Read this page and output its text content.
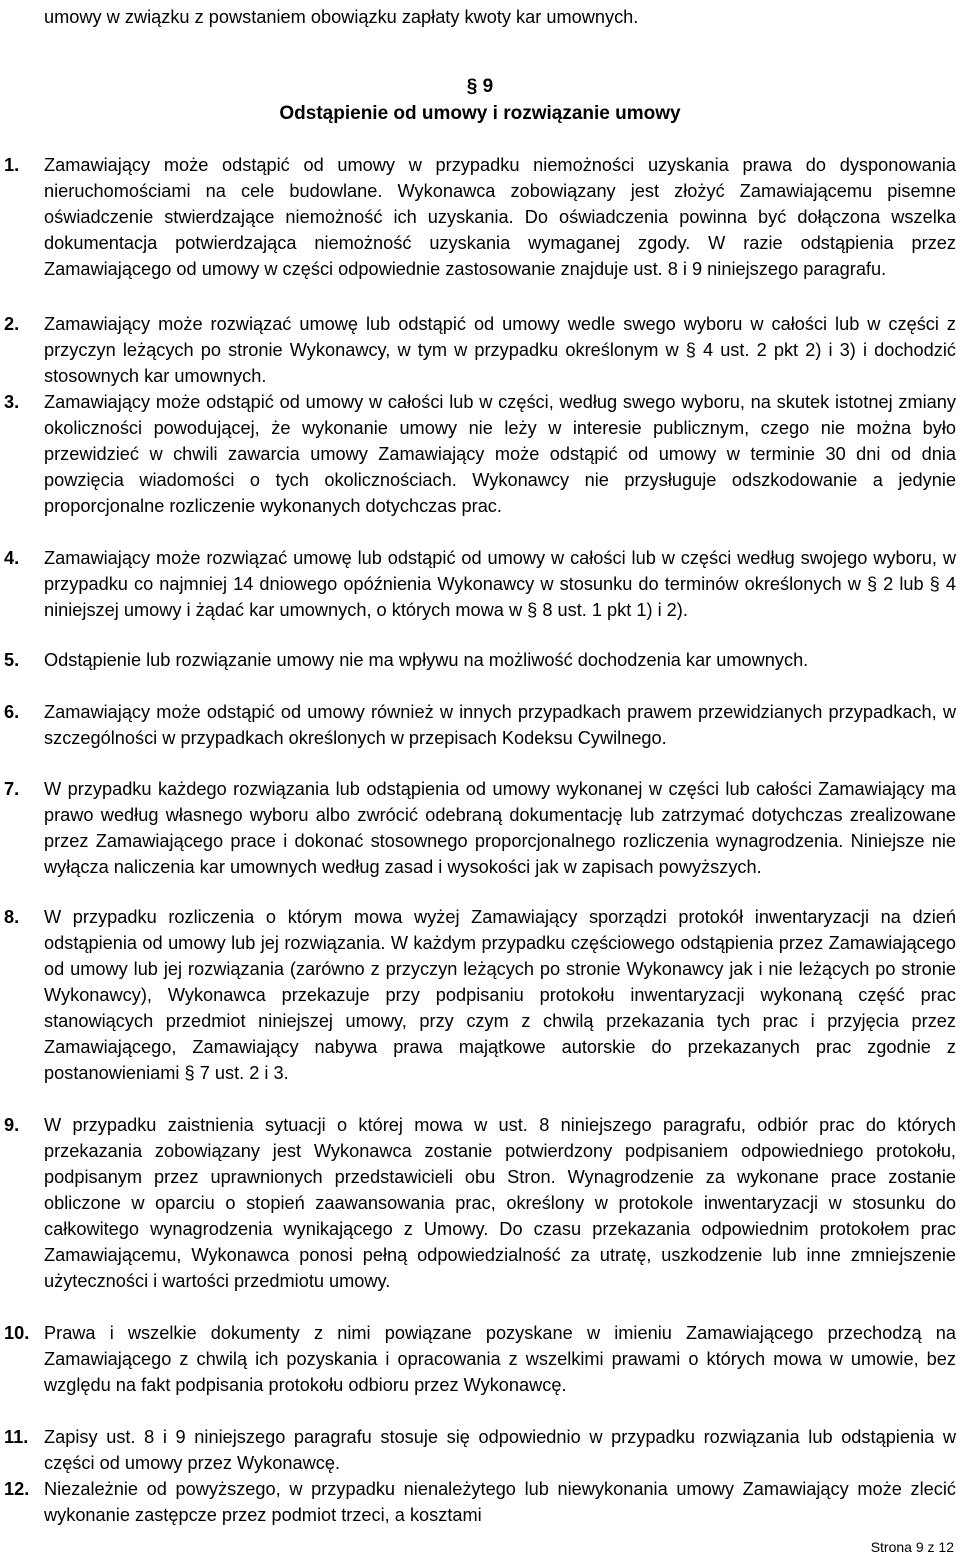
umowy w związku z powstaniem obowiązku zapłaty kwoty kar umownych.
§ 9
Odstąpienie od umowy i rozwiązanie umowy
1. Zamawiający może odstąpić od umowy w przypadku niemożności uzyskania prawa do dysponowania nieruchomościami na cele budowlane. Wykonawca zobowiązany jest złożyć Zamawiającemu pisemne oświadczenie stwierdzające niemożność ich uzyskania. Do oświadczenia powinna być dołączona wszelka dokumentacja potwierdzająca niemożność uzyskania wymaganej zgody. W razie odstąpienia przez Zamawiającego od umowy w części odpowiednie zastosowanie znajduje ust. 8 i 9 niniejszego paragrafu.
2. Zamawiający może rozwiązać umowę lub odstąpić od umowy wedle swego wyboru w całości lub w części z przyczyn leżących po stronie Wykonawcy, w tym w przypadku określonym w § 4 ust. 2 pkt 2) i 3) i dochodzić stosownych kar umownych.
3. Zamawiający może odstąpić od umowy w całości lub w części, według swego wyboru, na skutek istotnej zmiany okoliczności powodującej, że wykonanie umowy nie leży w interesie publicznym, czego nie można było przewidzieć w chwili zawarcia umowy Zamawiający może odstąpić od umowy w terminie 30 dni od dnia powzięcia wiadomości o tych okolicznościach. Wykonawcy nie przysługuje odszkodowanie a jedynie proporcjonalne rozliczenie wykonanych dotychczas prac.
4. Zamawiający może rozwiązać umowę lub odstąpić od umowy w całości lub w części według swojego wyboru, w przypadku co najmniej 14 dniowego opóźnienia Wykonawcy w stosunku do terminów określonych w § 2 lub § 4 niniejszej umowy i żądać kar umownych, o których mowa w § 8 ust. 1 pkt 1) i 2).
5. Odstąpienie lub rozwiązanie umowy nie ma wpływu na możliwość dochodzenia kar umownych.
6. Zamawiający może odstąpić od umowy również w innych przypadkach prawem przewidzianych przypadkach, w szczególności w przypadkach określonych w przepisach Kodeksu Cywilnego.
7. W przypadku każdego rozwiązania lub odstąpienia od umowy wykonanej w części lub całości Zamawiający ma prawo według własnego wyboru albo zwrócić odebraną dokumentację lub zatrzymać dotychczas zrealizowane przez Zamawiającego prace i dokonać stosownego proporcjonalnego rozliczenia wynagrodzenia. Niniejsze nie wyłącza naliczenia kar umownych według zasad i wysokości jak w zapisach powyższych.
8. W przypadku rozliczenia o którym mowa wyżej Zamawiający sporządzi protokół inwentaryzacji na dzień odstąpienia od umowy lub jej rozwiązania. W każdym przypadku częściowego odstąpienia przez Zamawiającego od umowy lub jej rozwiązania (zarówno z przyczyn leżących po stronie Wykonawcy jak i nie leżących po stronie Wykonawcy), Wykonawca przekazuje przy podpisaniu protokołu inwentaryzacji wykonaną część prac stanowiących przedmiot niniejszej umowy, przy czym z chwilą przekazania tych prac i przyjęcia przez Zamawiającego, Zamawiający nabywa prawa majątkowe autorskie do przekazanych prac zgodnie z postanowieniami § 7 ust. 2 i 3.
9. W przypadku zaistnienia sytuacji o której mowa w ust. 8 niniejszego paragrafu, odbiór prac do których przekazania zobowiązany jest Wykonawca zostanie potwierdzony podpisaniem odpowiedniego protokołu, podpisanym przez uprawnionych przedstawicieli obu Stron. Wynagrodzenie za wykonane prace zostanie obliczone w oparciu o stopień zaawansowania prac, określony w protokole inwentaryzacji w stosunku do całkowitego wynagrodzenia wynikającego z Umowy. Do czasu przekazania odpowiednim protokołem prac Zamawiającemu, Wykonawca ponosi pełną odpowiedzialność za utratę, uszkodzenie lub inne zmniejszenie użyteczności i wartości przedmiotu umowy.
10. Prawa i wszelkie dokumenty z nimi powiązane pozyskane w imieniu Zamawiającego przechodzą na Zamawiającego z chwilą ich pozyskania i opracowania z wszelkimi prawami o których mowa w umowie, bez względu na fakt podpisania protokołu odbioru przez Wykonawcę.
11. Zapisy ust. 8 i 9 niniejszego paragrafu stosuje się odpowiednio w przypadku rozwiązania lub odstąpienia w części od umowy przez Wykonawcę.
12. Niezależnie od powyższego, w przypadku nienależytego lub niewykonania umowy Zamawiający może zlecić wykonanie zastępcze przez podmiot trzeci, a kosztami
Strona 9 z 12
